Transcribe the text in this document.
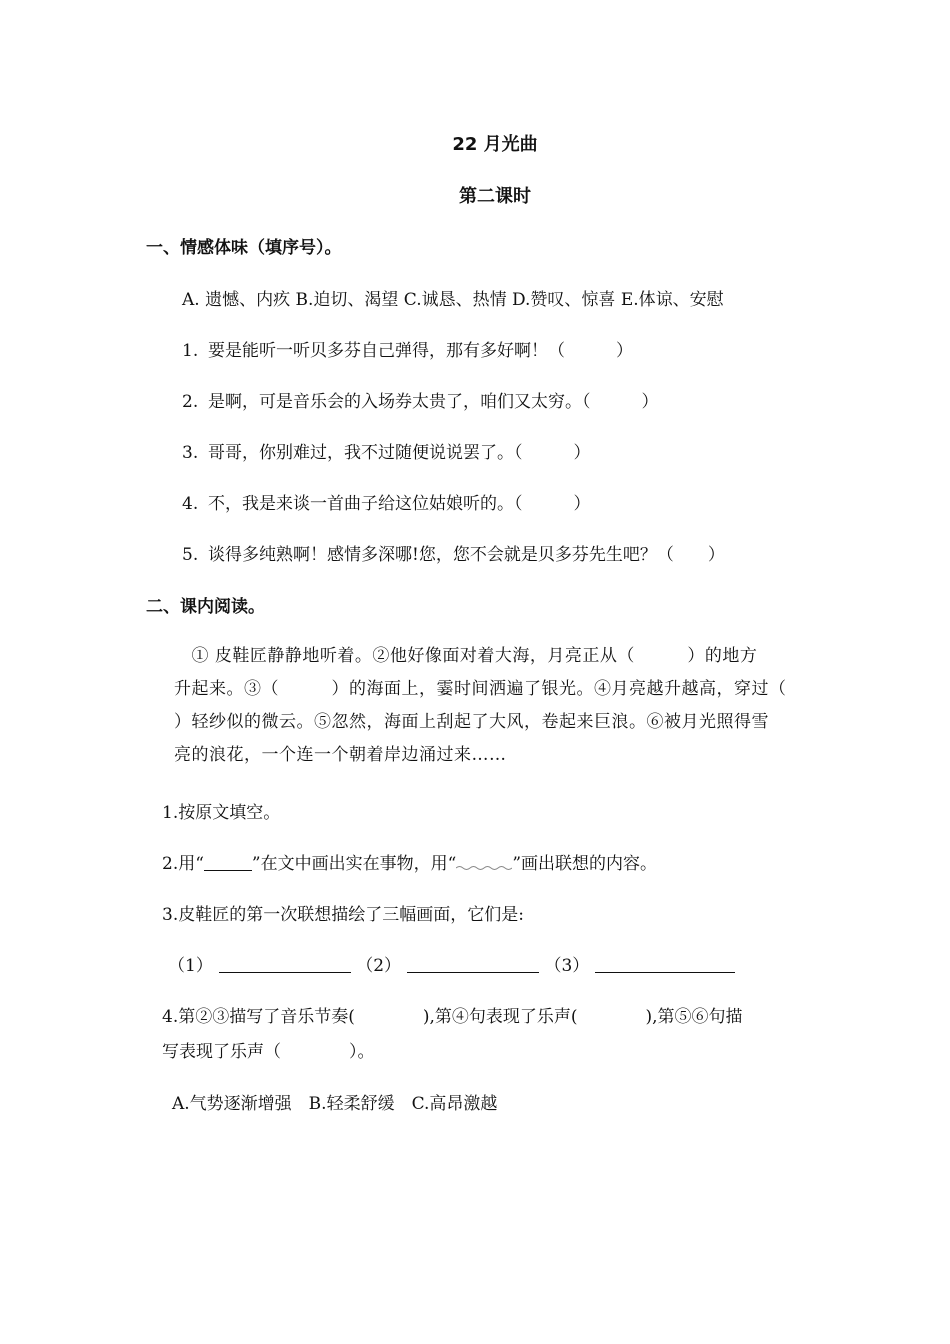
22 月光曲
第二课时
一、情感体味（填序号）。
A. 遗憾、内疚 B.迫切、渴望 C.诚恳、热情 D.赞叹、惊喜 E.体谅、安慰
1. 要是能听一听贝多芬自己弹得，那有多好啊！（　　　）
2. 是啊，可是音乐会的入场券太贵了，咱们又太穷。（　　　）
3. 哥哥，你别难过，我不过随便说说罢了。（　　　）
4. 不，我是来谈一首曲子给这位姑娘听的。（　　　）
5. 谈得多纯熟啊！感情多深哪!您，您不会就是贝多芬先生吧？（　　）
二、课内阅读。
　① 皮鞋匠静静地听着。②他好像面对着大海，月亮正从（　　　）的地方
升起来。③（　　　）的海面上，霎时间洒遍了银光。④月亮越升越高，穿过（
）轻纱似的微云。⑤忽然，海面上刮起了大风，卷起来巨浪。⑥被月光照得雪
亮的浪花，一个连一个朝着岸边涌过来……
1.按原文填空。
2.用“	”在文中画出实在事物，用“	”画出联想的内容。
3.皮鞋匠的第一次联想描绘了三幅画面，它们是:
（1）	（2）	（3）
4.第②③描写了音乐节奏(　　　　),第④句表现了乐声(　　　　),第⑤⑥句描
写表现了乐声（　　　　）。
A.气势逐渐增强　B.轻柔舒缓　C.高昂激越
